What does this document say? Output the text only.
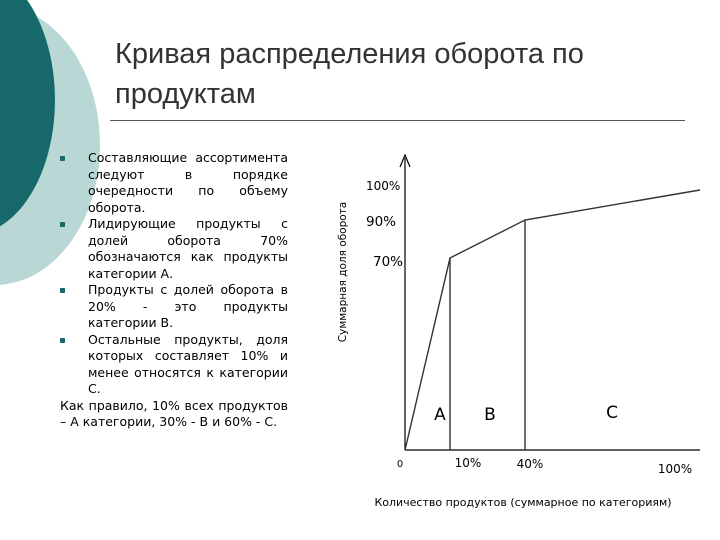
Кривая распределения оборота по продуктам
Составляющие ассортимента следуют в порядке очередности по объему оборота.
Лидирующие продукты с долей оборота 70% обозначаются как продукты категории А.
Продукты с долей оборота в 20% - это продукты категории В.
Остальные продукты, доля которых составляет 10% и менее относятся к категории С.
Как правило, 10% всех продуктов – А категории, 30% - В и 60% - С.
70%
90%
100%
0	10%	40%	100%
A B	C
Суммарная доля оборота
Количество продуктов (суммарное по категориям)
